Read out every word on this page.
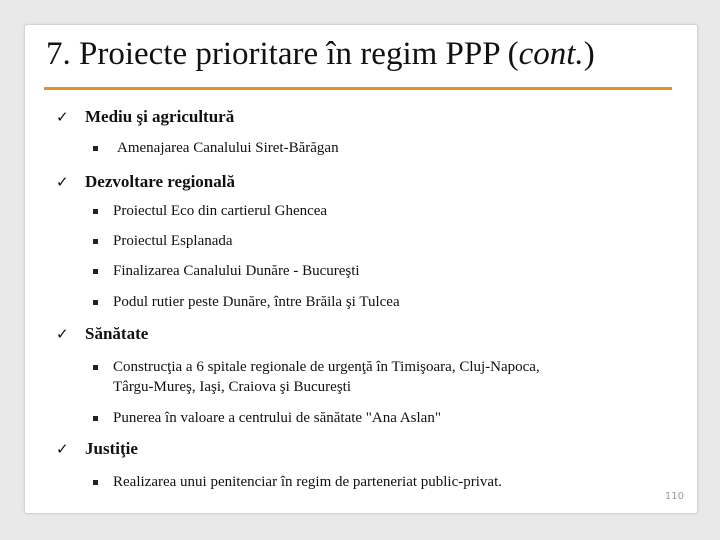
7. Proiecte prioritare în regim PPP (cont.)
✓ Mediu şi agricultură
Amenajarea Canalului Siret-Bărăgan
✓ Dezvoltare regională
Proiectul Eco din cartierul Ghencea
Proiectul Esplanada
Finalizarea Canalului Dunăre - Bucureşti
Podul rutier peste Dunăre, între Brăila şi Tulcea
✓ Sănătate
Construcţia a 6 spitale regionale de urgenţă în Timişoara, Cluj-Napoca,
Târgu-Mureş, Iaşi, Craiova şi Bucureşti
Punerea în valoare a centrului de sănătate "Ana Aslan"
✓ Justiţie
Realizarea unui penitenciar în regim de parteneriat public-privat.
110
